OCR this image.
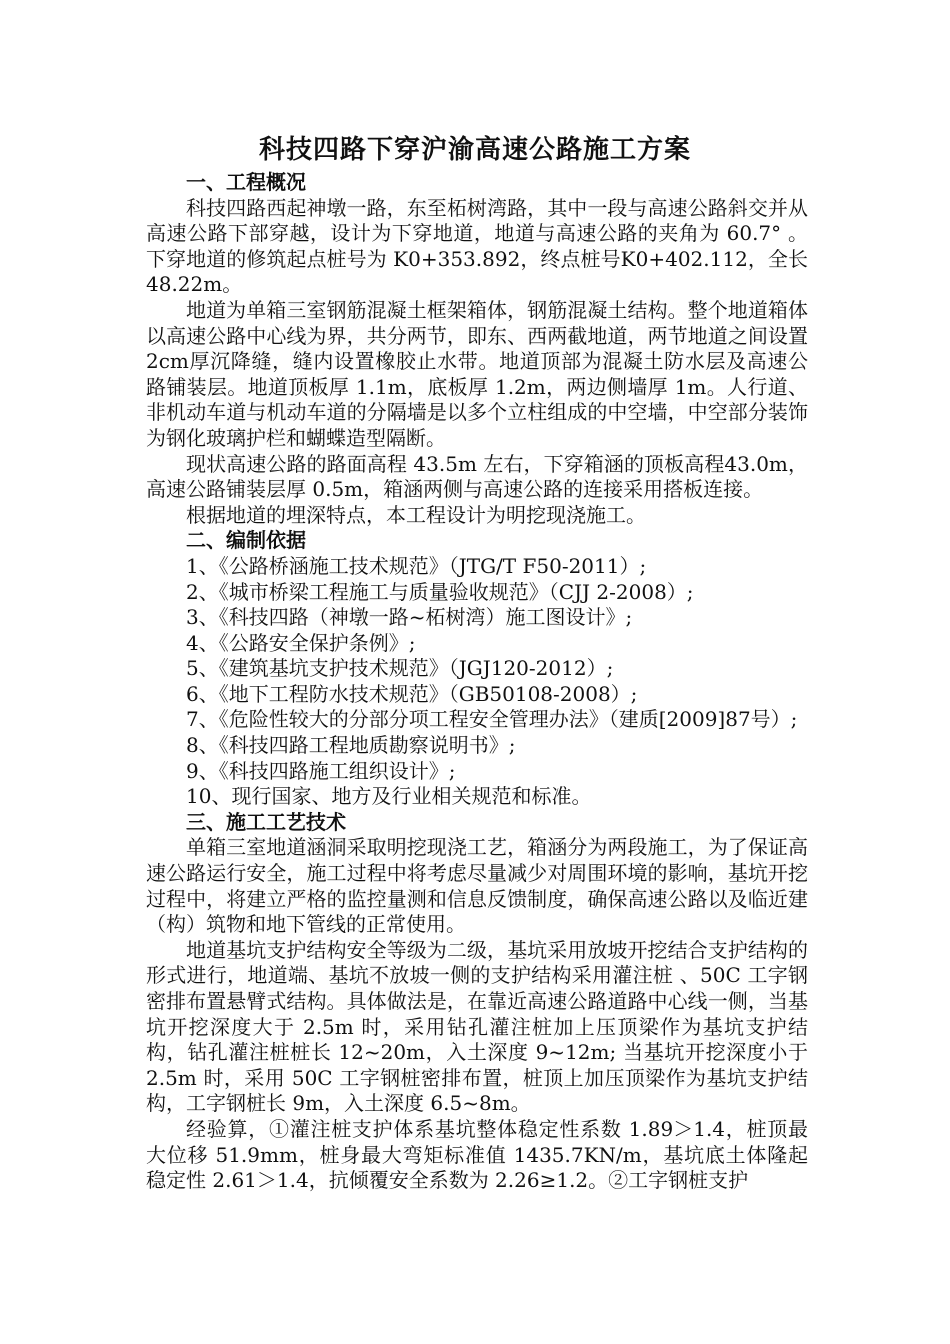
科技四路下穿沪渝高速公路施工方案

一、工程概况

科技四路西起神墩一路，东至柘树湾路，其中一段与高速公路斜交并从高速公路下部穿越，设计为下穿地道，地道与高速公路的夹角为 60.7° 。下穿地道的修筑起点桩号为 K0+353.892，终点桩号K0+402.112，全长 48.22m。

地道为单箱三室钢筋混凝土框架箱体，钢筋混凝土结构。整个地道箱体以高速公路中心线为界，共分两节，即东、西两截地道，两节地道之间设置2cm厚沉降缝，缝内设置橡胶止水带。地道顶部为混凝土防水层及高速公路铺装层。地道顶板厚 1.1m，底板厚 1.2m，两边侧墙厚 1m。人行道、非机动车道与机动车道的分隔墙是以多个立柱组成的中空墙，中空部分装饰为钢化玻璃护栏和蝴蝶造型隔断。

现状高速公路的路面高程 43.5m 左右，下穿箱涵的顶板高程43.0m，高速公路铺装层厚 0.5m，箱涵两侧与高速公路的连接采用搭板连接。

根据地道的埋深特点，本工程设计为明挖现浇施工。

二、编制依据

1、《公路桥涵施工技术规范》（JTG/T F50-2011）;

2、《城市桥梁工程施工与质量验收规范》（CJJ 2-2008）;

3、《科技四路（神墩一路~柘树湾）施工图设计》;

4、《公路安全保护条例》;

5、《建筑基坑支护技术规范》（JGJ120-2012）;

6、《地下工程防水技术规范》（GB50108-2008）;

7、《危险性较大的分部分项工程安全管理办法》（建质[2009]87号）;

8、《科技四路工程地质勘察说明书》;

9、《科技四路施工组织设计》;

10、现行国家、地方及行业相关规范和标准。

三、施工工艺技术

单箱三室地道涵洞采取明挖现浇工艺，箱涵分为两段施工，为了保证高速公路运行安全，施工过程中将考虑尽量减少对周围环境的影响，基坑开挖过程中，将建立严格的监控量测和信息反馈制度，确保高速公路以及临近建（构）筑物和地下管线的正常使用。

地道基坑支护结构安全等级为二级，基坑采用放坡开挖结合支护结构的形式进行，地道端、基坑不放坡一侧的支护结构采用灌注桩 、50C 工字钢密排布置悬臂式结构。具体做法是，在靠近高速公路道路中心线一侧，当基坑开挖深度大于 2.5m 时，采用钻孔灌注桩加上压顶梁作为基坑支护结构，钻孔灌注桩桩长 12~20m，入土深度 9~12m; 当基坑开挖深度小于 2.5m 时，采用 50C 工字钢桩密排布置，桩顶上加压顶梁作为基坑支护结构，工字钢桩长 9m，入土深度 6.5~8m。

经验算，①灌注桩支护体系基坑整体稳定性系数 1.89＞1.4，桩顶最大位移 51.9mm，桩身最大弯矩标准值 1435.7KN/m，基坑底土体隆起稳定性 2.61＞1.4，抗倾覆安全系数为 2.26≥1.2。②工字钢桩支护
